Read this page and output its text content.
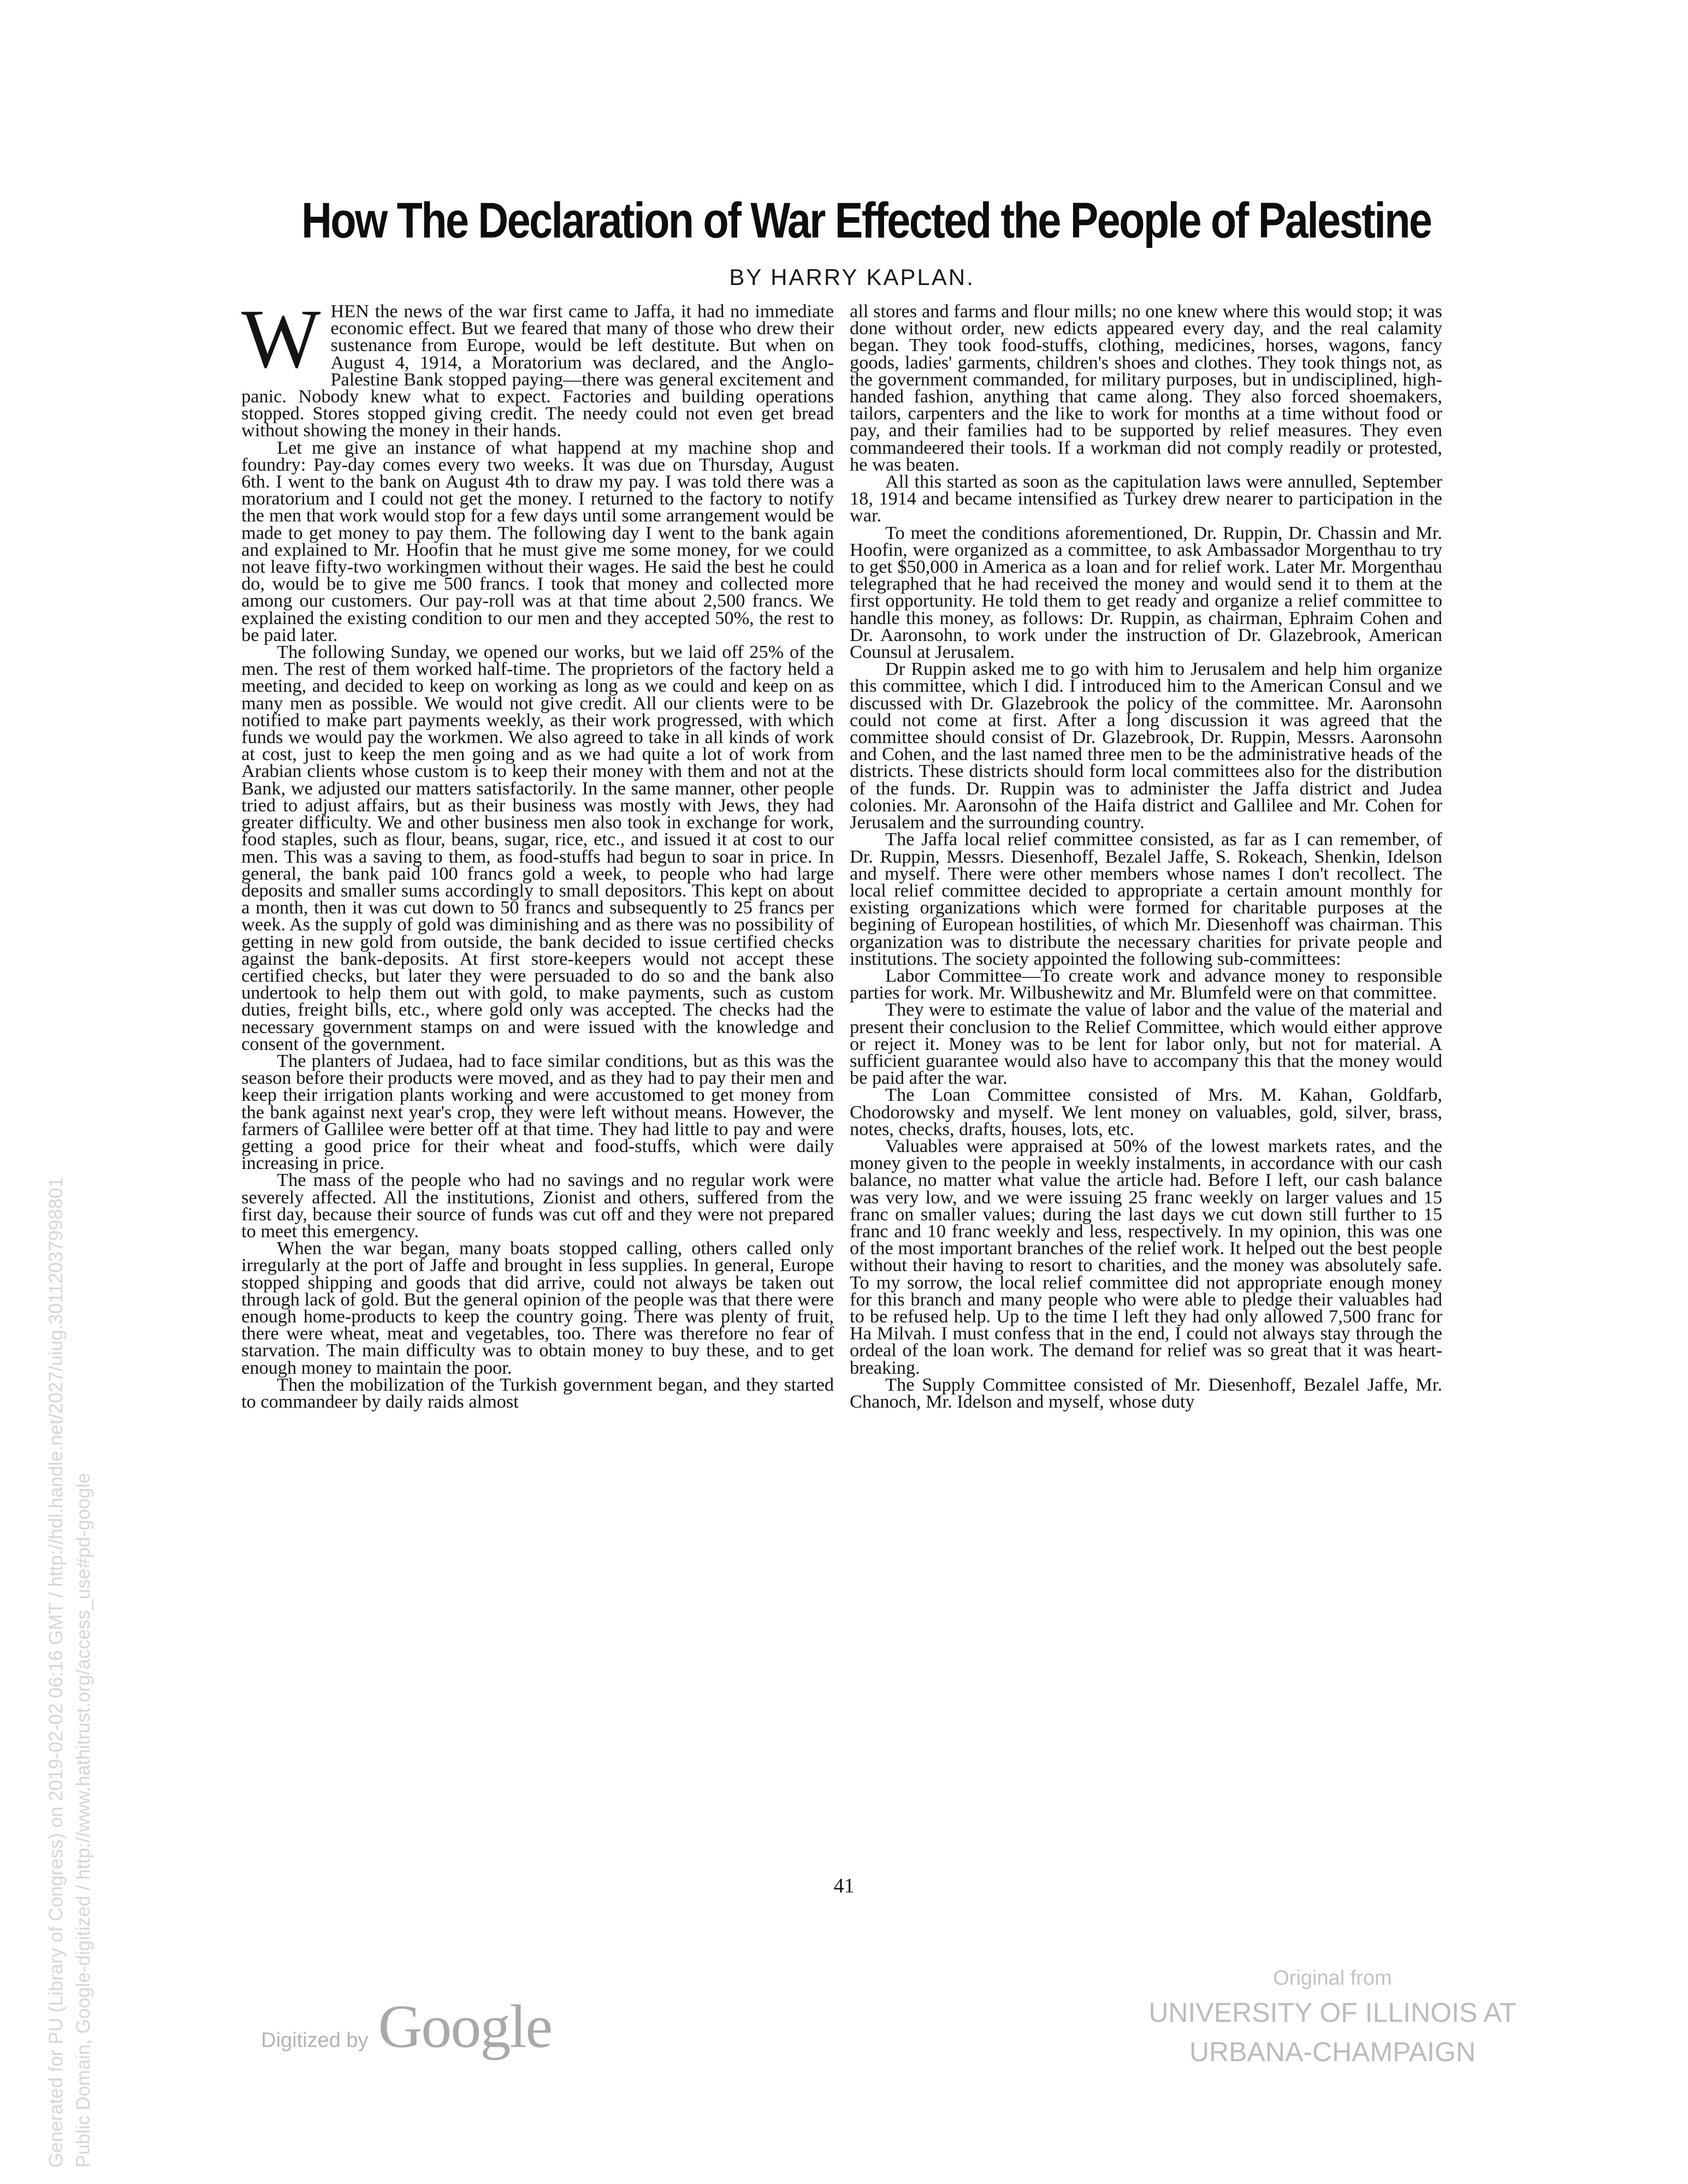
How The Declaration of War Effected the People of Palestine
BY HARRY KAPLAN.

WHEN the news of the war first came to Jaffa, it had no immediate economic effect. But we feared that many of those who drew their sustenance from Europe, would be left destitute. But when on August 4, 1914, a Moratorium was declared, and the Anglo-Palestine Bank stopped paying—there was general excitement and panic. Nobody knew what to expect. Factories and building operations stopped. Stores stopped giving credit. The needy could not even get bread without showing the money in their hands.

Let me give an instance of what happend at my machine shop and foundry: Pay-day comes every two weeks. It was due on Thursday, August 6th. I went to the bank on August 4th to draw my pay. I was told there was a moratorium and I could not get the money. I returned to the factory to notify the men that work would stop for a few days until some arrangement would be made to get money to pay them. The following day I went to the bank again and explained to Mr. Hoofin that he must give me some money, for we could not leave fifty-two workingmen without their wages. He said the best he could do, would be to give me 500 francs. I took that money and collected more among our customers. Our pay-roll was at that time about 2,500 francs. We explained the existing condition to our men and they accepted 50%, the rest to be paid later.

The following Sunday, we opened our works, but we laid off 25% of the men. The rest of them worked half-time. The proprietors of the factory held a meeting, and decided to keep on working as long as we could and keep on as many men as possible. We would not give credit. All our clients were to be notified to make part payments weekly, as their work progressed, with which funds we would pay the workmen. We also agreed to take in all kinds of work at cost, just to keep the men going and as we had quite a lot of work from Arabian clients whose custom is to keep their money with them and not at the Bank, we adjusted our matters satisfactorily. In the same manner, other people tried to adjust affairs, but as their business was mostly with Jews, they had greater difficulty. We and other business men also took in exchange for work, food staples, such as flour, beans, sugar, rice, etc., and issued it at cost to our men. This was a saving to them, as food-stuffs had begun to soar in price. In general, the bank paid 100 francs gold a week, to people who had large deposits and smaller sums accordingly to small depositors. This kept on about a month, then it was cut down to 50 francs and subsequently to 25 francs per week. As the supply of gold was diminishing and as there was no possibility of getting in new gold from outside, the bank decided to issue certified checks against the bank-deposits. At first store-keepers would not accept these certified checks, but later they were persuaded to do so and the bank also undertook to help them out with gold, to make payments, such as custom duties, freight bills, etc., where gold only was accepted. The checks had the necessary government stamps on and were issued with the knowledge and consent of the government.

The planters of Judaea, had to face similar conditions, but as this was the season before their products were moved, and as they had to pay their men and keep their irrigation plants working and were accustomed to get money from the bank against next year's crop, they were left without means. However, the farmers of Gallilee were better off at that time. They had little to pay and were getting a good price for their wheat and food-stuffs, which were daily increasing in price.

The mass of the people who had no savings and no regular work were severely affected. All the institutions, Zionist and others, suffered from the first day, because their source of funds was cut off and they were not prepared to meet this emergency.

When the war began, many boats stopped calling, others called only irregularly at the port of Jaffe and brought in less supplies. In general, Europe stopped shipping and goods that did arrive, could not always be taken out through lack of gold. But the general opinion of the people was that there were enough home-products to keep the country going. There was plenty of fruit, there were wheat, meat and vegetables, too. There was therefore no fear of starvation. The main difficulty was to obtain money to buy these, and to get enough money to maintain the poor.

Then the mobilization of the Turkish government began, and they started to commandeer by daily raids almost

all stores and farms and flour mills; no one knew where this would stop; it was done without order, new edicts appeared every day, and the real calamity began. They took food-stuffs, clothing, medicines, horses, wagons, fancy goods, ladies' garments, children's shoes and clothes. They took things not, as the government commanded, for military purposes, but in undisciplined, high-handed fashion, anything that came along. They also forced shoemakers, tailors, carpenters and the like to work for months at a time without food or pay, and their families had to be supported by relief measures. They even commandeered their tools. If a workman did not comply readily or protested, he was beaten.

All this started as soon as the capitulation laws were annulled, September 18, 1914 and became intensified as Turkey drew nearer to participation in the war.

To meet the conditions aforementioned, Dr. Ruppin, Dr. Chassin and Mr. Hoofin, were organized as a committee, to ask Ambassador Morgenthau to try to get $50,000 in America as a loan and for relief work. Later Mr. Morgenthau telegraphed that he had received the money and would send it to them at the first opportunity. He told them to get ready and organize a relief committee to handle this money, as follows: Dr. Ruppin, as chairman, Ephraim Cohen and Dr. Aaronsohn, to work under the instruction of Dr. Glazebrook, American Counsul at Jerusalem.

Dr Ruppin asked me to go with him to Jerusalem and help him organize this committee, which I did. I introduced him to the American Consul and we discussed with Dr. Glazebrook the policy of the committee. Mr. Aaronsohn could not come at first. After a long discussion it was agreed that the committee should consist of Dr. Glazebrook, Dr. Ruppin, Messrs. Aaronsohn and Cohen, and the last named three men to be the administrative heads of the districts. These districts should form local committees also for the distribution of the funds. Dr. Ruppin was to administer the Jaffa district and Judea colonies. Mr. Aaronsohn of the Haifa district and Gallilee and Mr. Cohen for Jerusalem and the surrounding country.

The Jaffa local relief committee consisted, as far as I can remember, of Dr. Ruppin, Messrs. Diesenhoff, Bezalel Jaffe, S. Rokeach, Shenkin, Idelson and myself. There were other members whose names I don't recollect. The local relief committee decided to appropriate a certain amount monthly for existing organizations which were formed for charitable purposes at the begining of European hostilities, of which Mr. Diesenhoff was chairman. This organization was to distribute the necessary charities for private people and institutions. The society appointed the following sub-committees:

Labor Committee—To create work and advance money to responsible parties for work. Mr. Wilbushewitz and Mr. Blumfeld were on that committee.

They were to estimate the value of labor and the value of the material and present their conclusion to the Relief Committee, which would either approve or reject it. Money was to be lent for labor only, but not for material. A sufficient guarantee would also have to accompany this that the money would be paid after the war.

The Loan Committee consisted of Mrs. M. Kahan, Goldfarb, Chodorowsky and myself. We lent money on valuables, gold, silver, brass, notes, checks, drafts, houses, lots, etc.

Valuables were appraised at 50% of the lowest markets rates, and the money given to the people in weekly instalments, in accordance with our cash balance, no matter what value the article had. Before I left, our cash balance was very low, and we were issuing 25 franc weekly on larger values and 15 franc on smaller values; during the last days we cut down still further to 15 franc and 10 franc weekly and less, respectively. In my opinion, this was one of the most important branches of the relief work. It helped out the best people without their having to resort to charities, and the money was absolutely safe. To my sorrow, the local relief committee did not appropriate enough money for this branch and many people who were able to pledge their valuables had to be refused help. Up to the time I left they had only allowed 7,500 franc for Ha Milvah. I must confess that in the end, I could not always stay through the ordeal of the loan work. The demand for relief was so great that it was heart-breaking.

The Supply Committee consisted of Mr. Diesenhoff, Bezalel Jaffe, Mr. Chanoch, Mr. Idelson and myself, whose duty

41
Generated for PU (Library of Congress) on 2019-02-02 06:16 GMT / http://hdl.handle.net/2027/uiug.30112037998801 Public Domain, Google-digitized / http://www.hathitrust.org/access_use#pd-google	Digitized by Google
Original from
UNIVERSITY OF ILLINOIS AT
URBANA-CHAMPAIGN
